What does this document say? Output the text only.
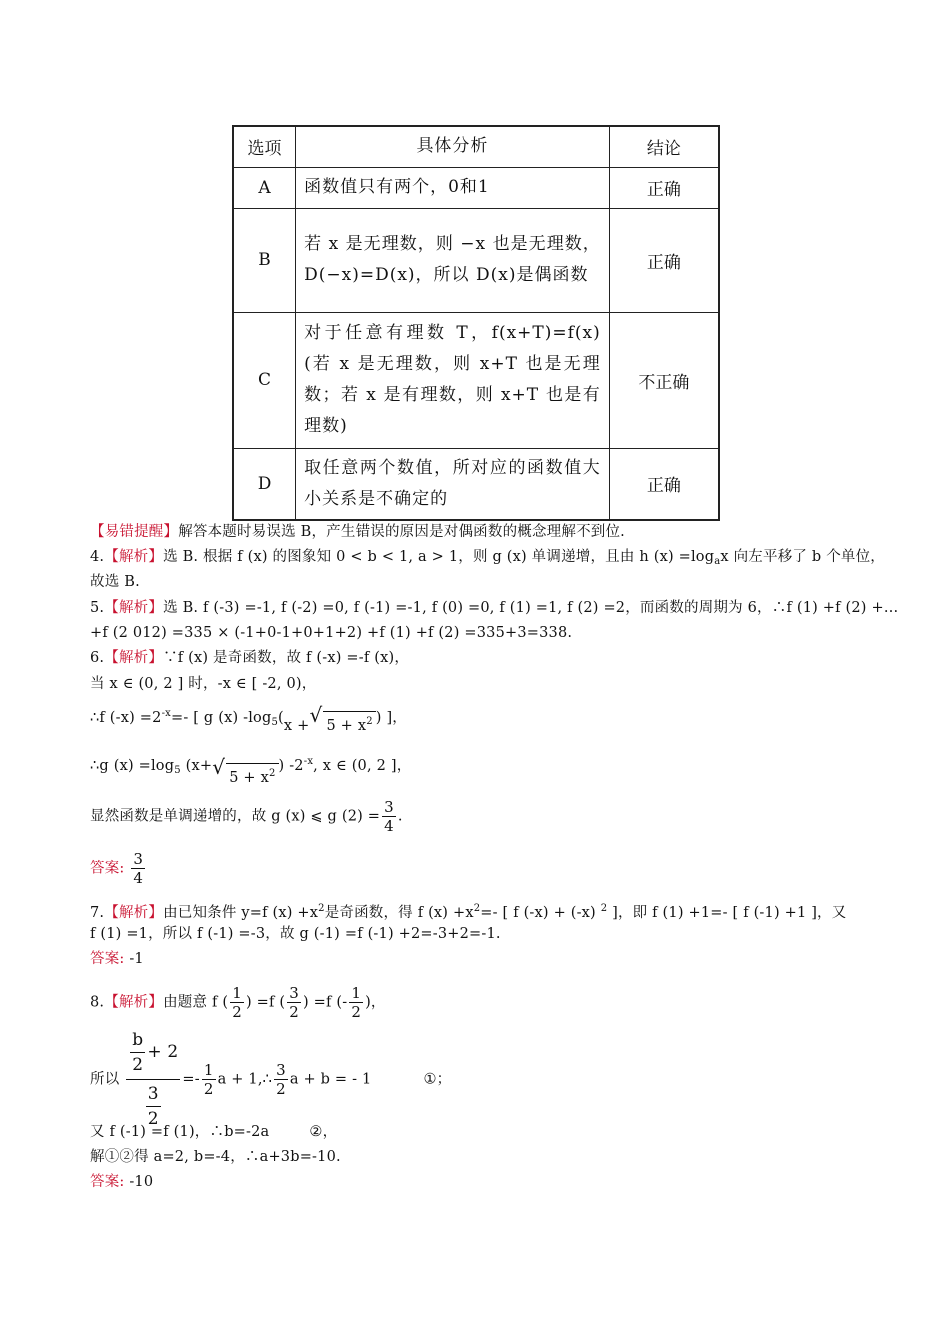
选项	具体分析	结论
A	函数值只有两个，0和1	正确
B	若 x 是无理数，则 −x 也是无理数，D(−x)=D(x)，所以 D(x)是偶函数	正确
C	对于任意有理数 T，f(x+T)=f(x)(若 x 是无理数，则 x+T 也是无理数；若 x 是有理数，则 x+T 也是有理数)	不正确
D	取任意两个数值，所对应的函数值大小关系是不确定的	正确
【易错提醒】解答本题时易误选 B，产生错误的原因是对偶函数的概念理解不到位.
4.【解析】选 B. 根据 f (x) 的图象知 0 < b < 1, a > 1，则 g (x) 单调递增，且由 h $(x) =\log_ax$ 向左平移了 b 个单位，
故选 B.
5.【解析】选 B. f (-3) =-1, f (-2) =0, f (-1) =-1, f (0) =0, f (1) =1, f (2) =2，而函数的周期为 6，∴f (1) +f (2) +…
+f (2 012) =335 × (-1+0-1+0+1+2) +f (1) +f (2) =335+3=338.
6.【解析】∵f (x) 是奇函数，故 f (-x) =-f (x)，
当 x ∈ (0, 2 ] 时，-x ∈ [ -2, 0)，
∴f $(-x) =2^{-x}=-$ [ g (x) $-\log_5(x$ + √ $5 + x^2$ ) ]，
∴g $(x) =\log_5$ (x+ √ $5 + x^2$ ) $-2^{-x}$, x ∈ (0, 2 ]，
显然函数是单调递增的，故 g (x) ⩽ g $(2) = \frac{3}{4}$ .
答案: $\frac{3}{4}$
7.【解析】由已知条件 y=f $(x) +x^2$是奇函数，得 f $(x) +x^2=-$ [ f (-x) + (-x) $^2$ ]，即 f (1) +1=- [ f (-1) +1 ]，又
f (1) =1，所以 f (-1) =-3，故 g (-1) =f (-1) +2=-3+2=-1.
答案: -1
8.【解析】由题意 f ( $\frac{1}{2}$ ) =f ( $\frac{3}{2}$ ) =f (- $\frac{1}{2}$ )，
所以 $\frac{\frac{b}{2} + 2}{\frac{3}{2}} =- \frac{1}{2}$ a + 1,∴ $\frac{3}{2}$ a + b = - 1	①；
又 f (-1) =f (1)，∴b=-2a	②，
解①②得 a=2, b=-4，∴a+3b=-10.
答案: -10
